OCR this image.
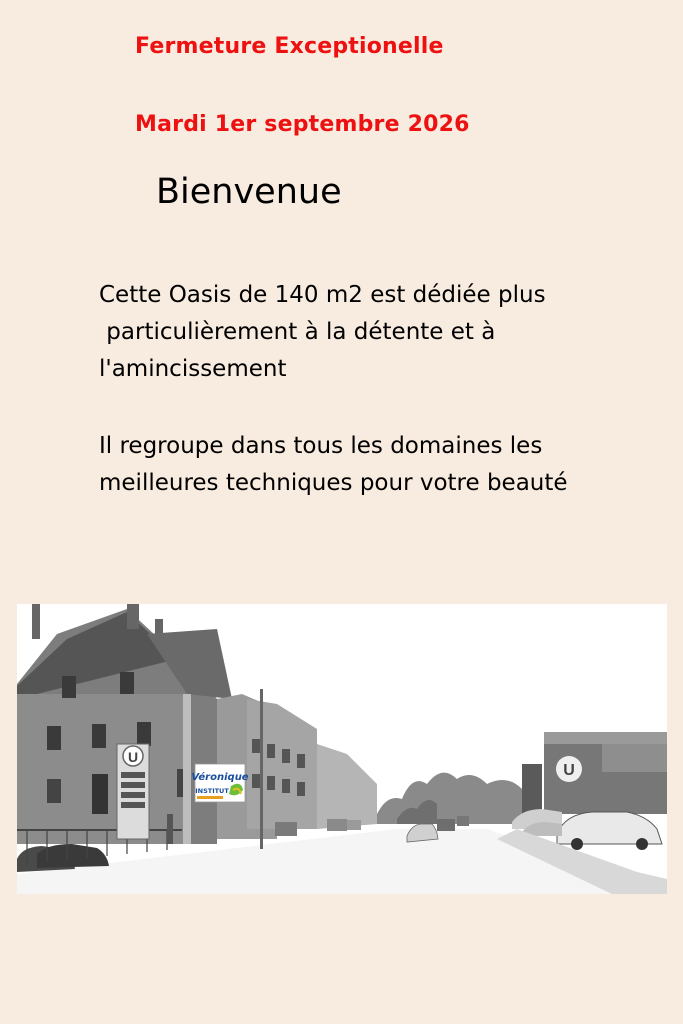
Fermeture Exceptionelle
Mardi 1er septembre 2026
Bienvenue
Cette Oasis de 140 m2 est dédiée plus
particulièrement à la détente et à
l'amincissement
Il regroupe dans tous les domaines les
meilleures techniques pour votre beauté
U
U
Véronique
INSTITUT
